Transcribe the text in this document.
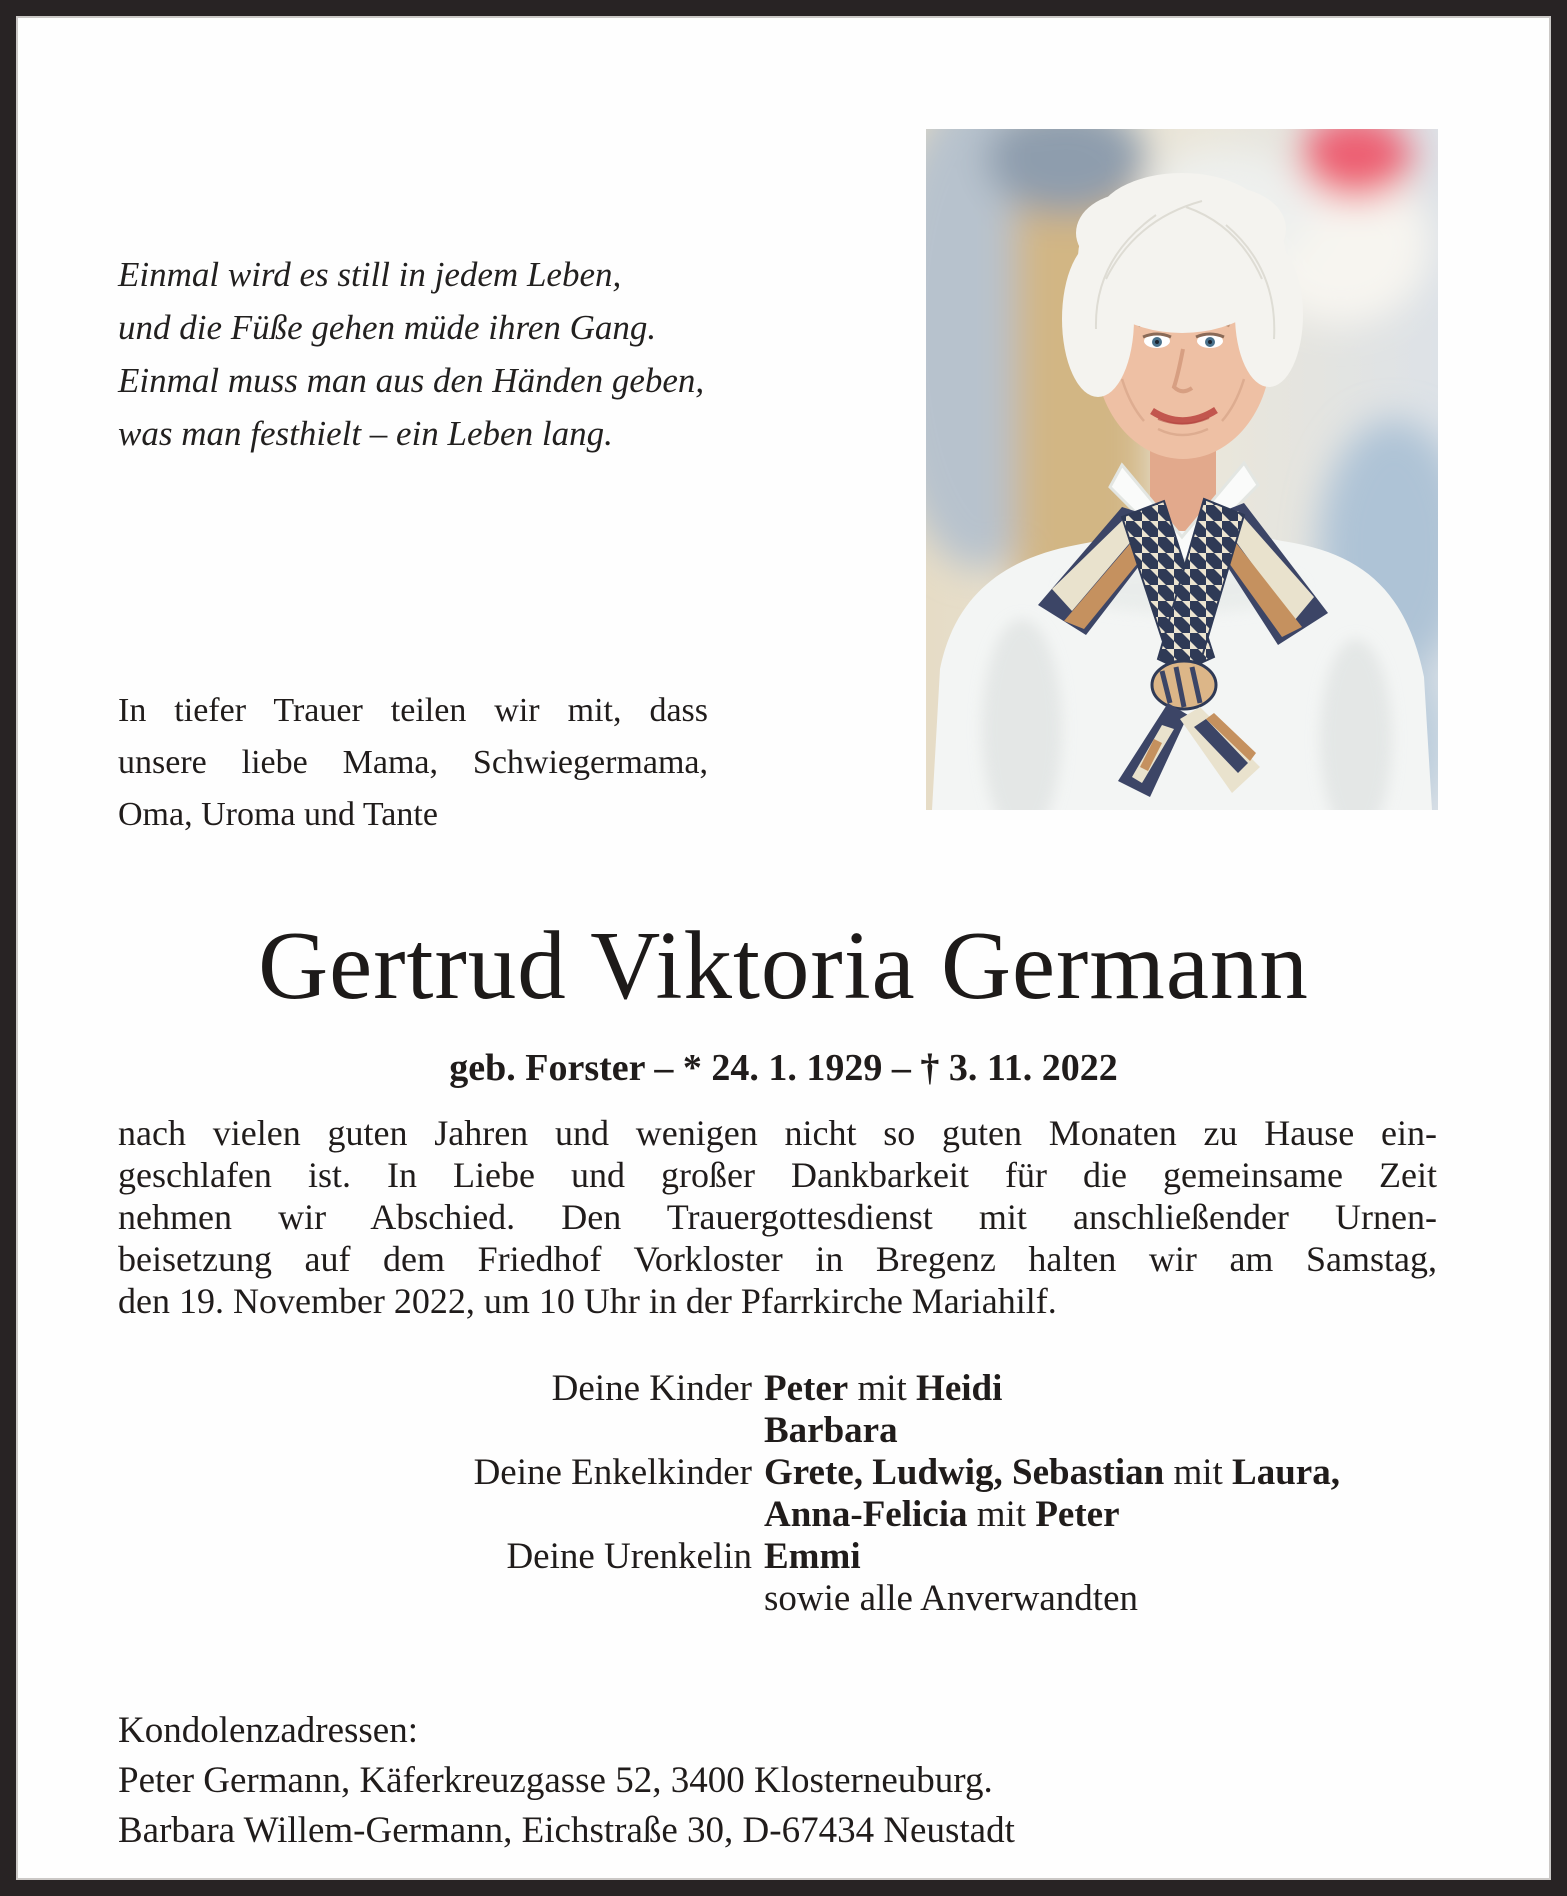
Einmal wird es still in jedem Leben,
und die Füße gehen müde ihren Gang.
Einmal muss man aus den Händen geben,
was man festhielt – ein Leben lang.
In tiefer Trauer teilen wir mit, dass
unsere liebe Mama, Schwiegermama,
Oma, Uroma und Tante
Gertrud Viktoria Germann
geb. Forster – * 24. 1. 1929 – † 3. 11. 2022
nach vielen guten Jahren und wenigen nicht so guten Monaten zu Hause ein-
geschlafen ist. In Liebe und großer Dankbarkeit für die gemeinsame Zeit
nehmen wir Abschied. Den Trauergottesdienst mit anschließender Urnen-
beisetzung auf dem Friedhof Vorkloster in Bregenz halten wir am Samstag,
den 19. November 2022, um 10 Uhr in der Pfarrkirche Mariahilf.
Deine Kinder Peter mit Heidi
Barbara
Deine Enkelkinder Grete, Ludwig, Sebastian mit Laura,
Anna-Felicia mit Peter
Deine Urenkelin Emmi
sowie alle Anverwandten
Kondolenzadressen:
Peter Germann, Käferkreuzgasse 52, 3400 Klosterneuburg.
Barbara Willem-Germann, Eichstraße 30, D-67434 Neustadt
